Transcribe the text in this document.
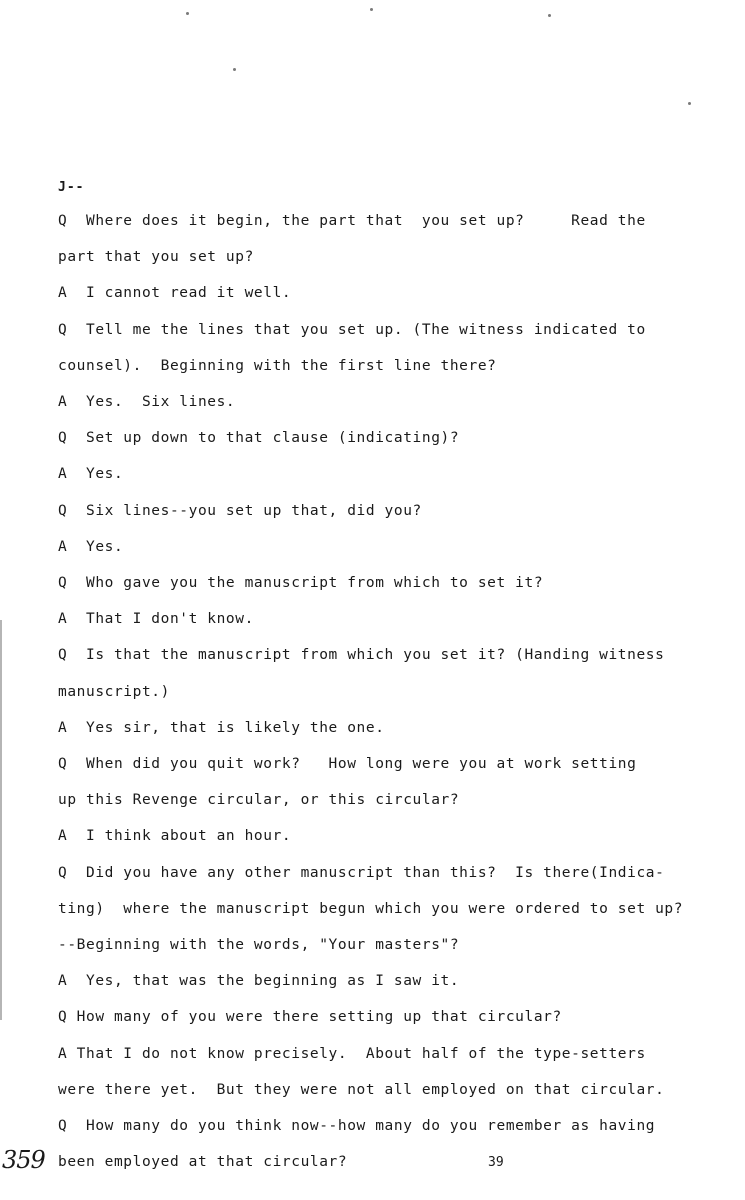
J--
Q  Where does it begin, the part that  you set up?     Read the
part that you set up?
A  I cannot read it well.
Q  Tell me the lines that you set up. (The witness indicated to
counsel).  Beginning with the first line there?
A  Yes.  Six lines.
Q  Set up down to that clause (indicating)?
A  Yes.
Q  Six lines--you set up that, did you?
A  Yes.
Q  Who gave you the manuscript from which to set it?
A  That I don't know.
Q  Is that the manuscript from which you set it? (Handing witness
manuscript.)
A  Yes sir, that is likely the one.
Q  When did you quit work?   How long were you at work setting
up this Revenge circular, or this circular?
A  I think about an hour.
Q  Did you have any other manuscript than this?  Is there(Indica-
ting)  where the manuscript begun which you were ordered to set up?
--Beginning with the words, "Your masters"?
A  Yes, that was the beginning as I saw it.
Q How many of you were there setting up that circular?
A That I do not know precisely.  About half of the type-setters
were there yet.  But they were not all employed on that circular.
Q  How many do you think now--how many do you remember as having
been employed at that circular?
359	39
